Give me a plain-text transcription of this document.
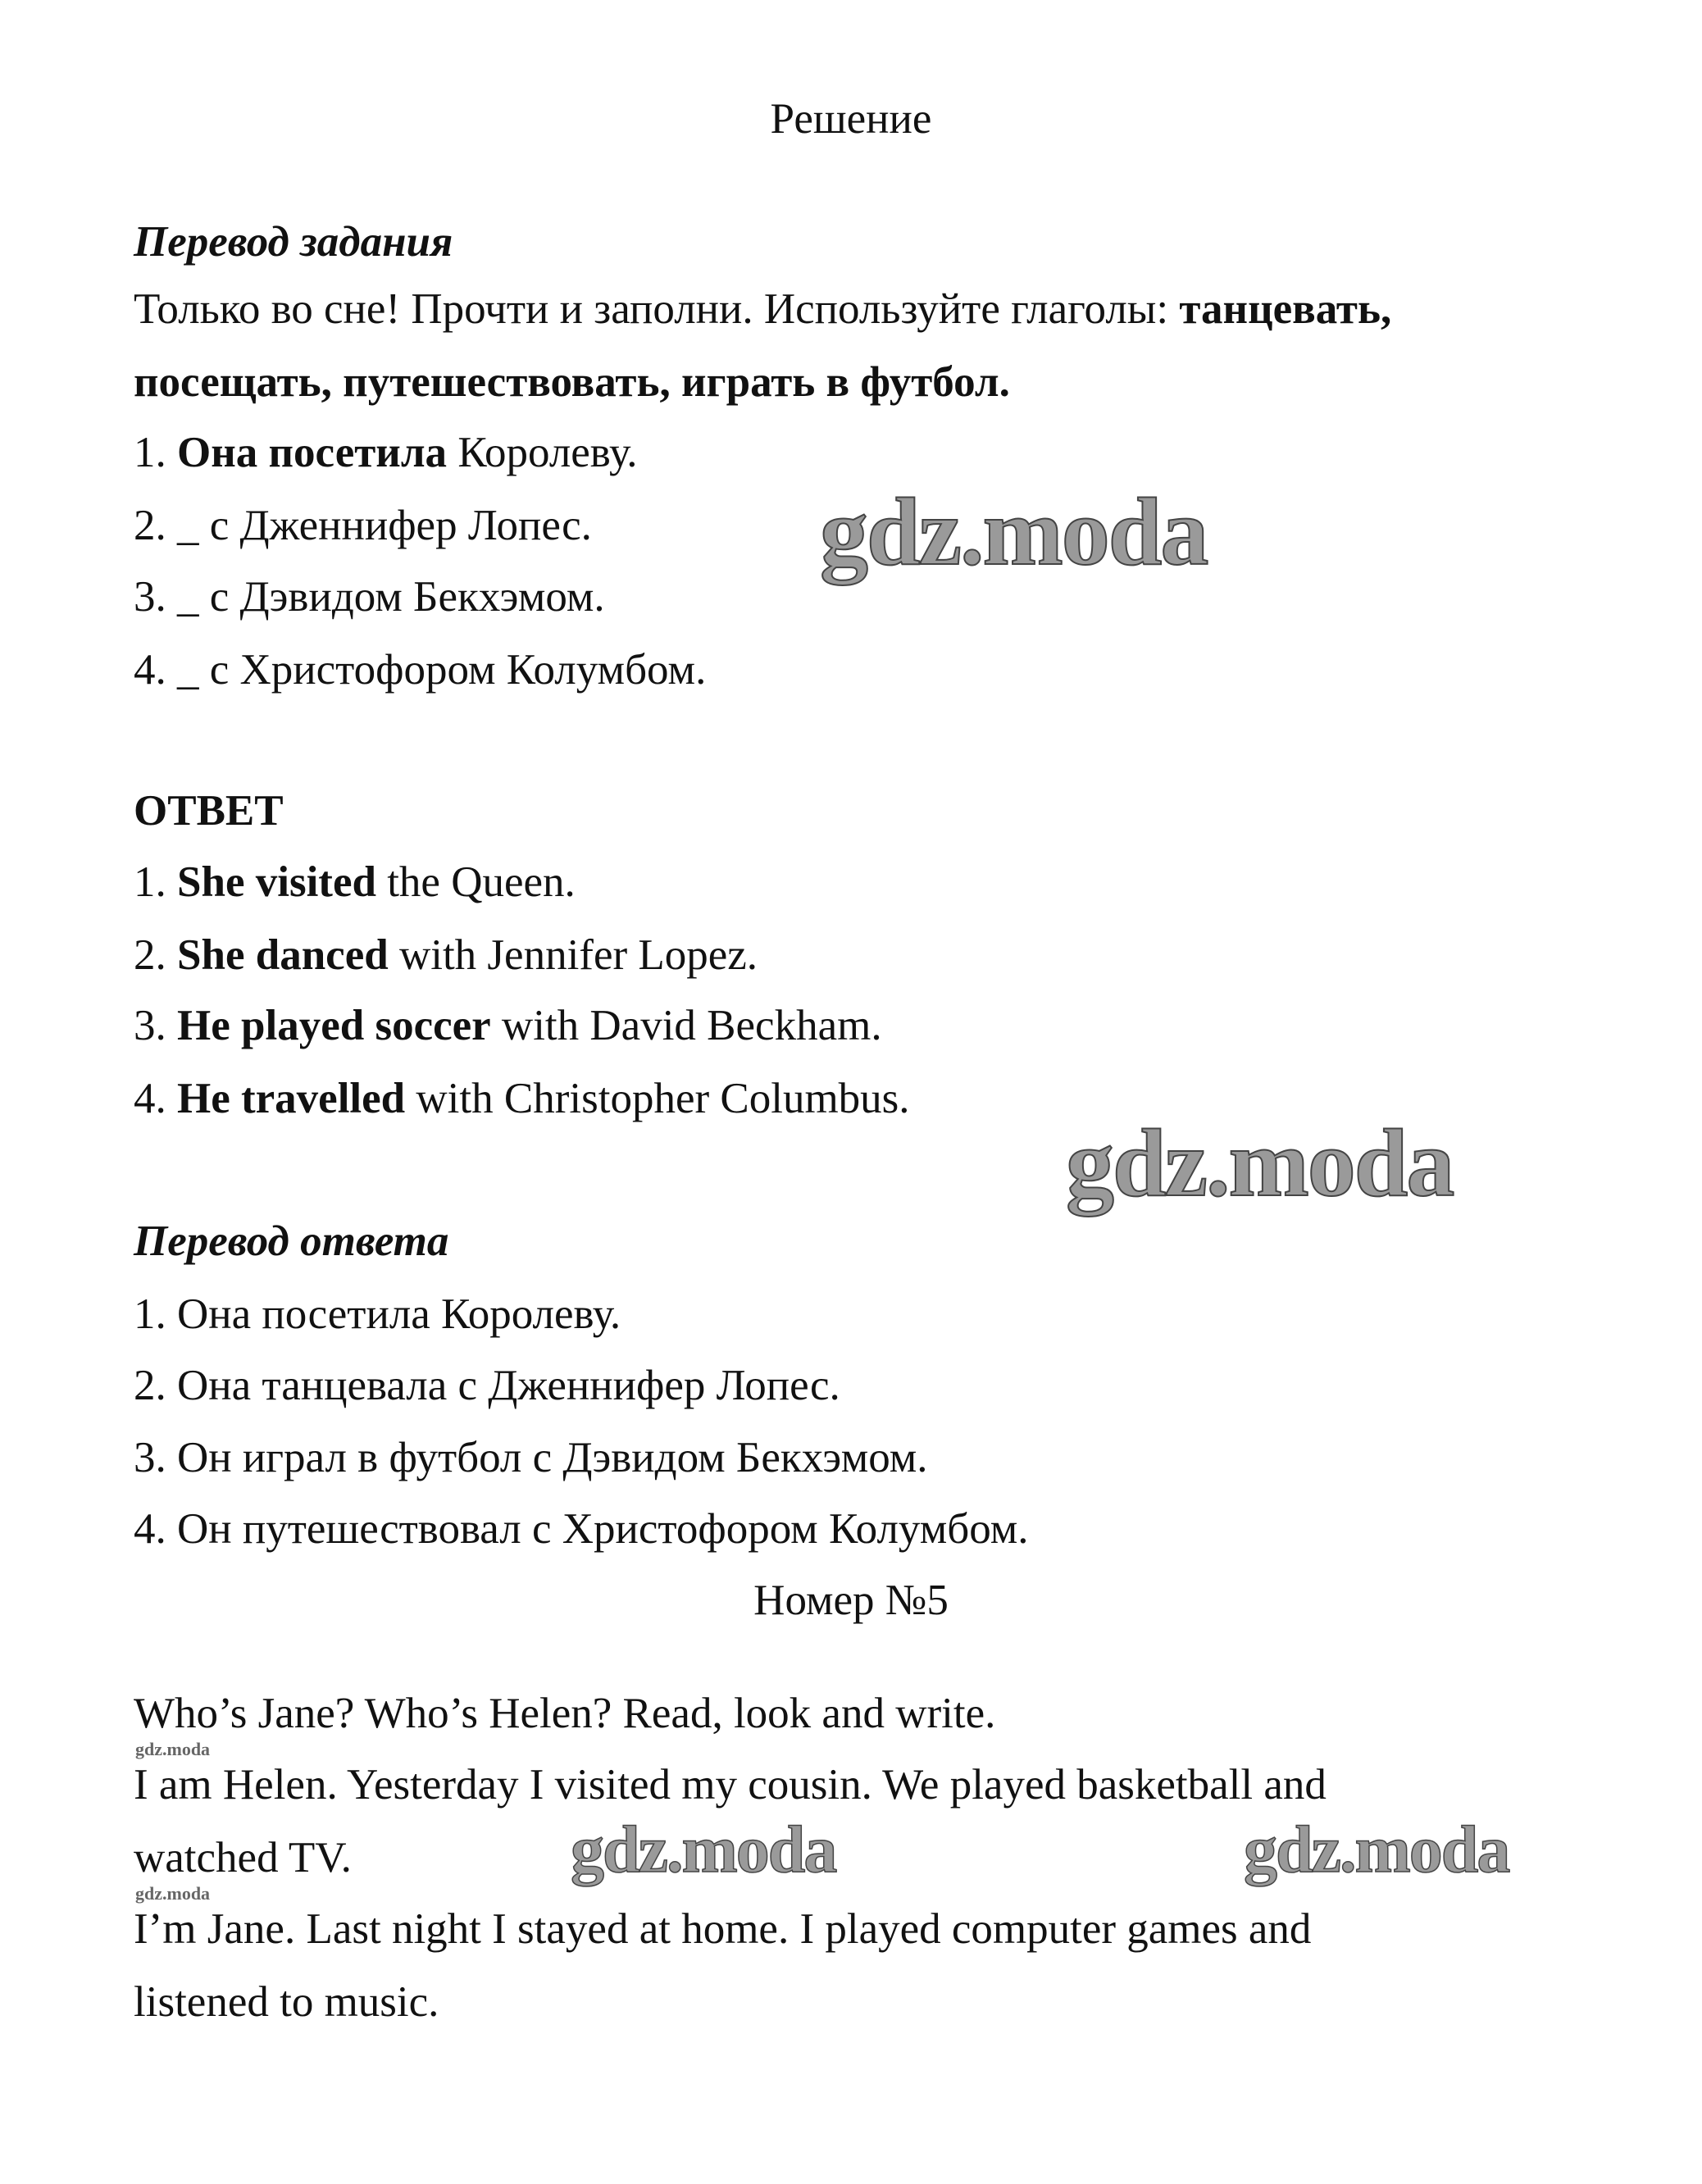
Решение
Перевод задания
Только во сне! Прочти и заполни. Используйте глаголы: танцевать,
посещать, путешествовать, играть в футбол.
1. Она посетила Королеву.
2. _ с Дженнифер Лопес.
3. _ с Дэвидом Бекхэмом.
4. _ с Христофором Колумбом.
ОТВЕТ
1. She visited the Queen.
2. She danced with Jennifer Lopez.
3. He played soccer with David Beckham.
4. He travelled with Christopher Columbus.
Перевод ответа
1. Она посетила Королеву.
2. Она танцевала с Дженнифер Лопес.
3. Он играл в футбол с Дэвидом Бекхэмом.
4. Он путешествовал с Христофором Колумбом.
Номер №5
Who’s Jane? Who’s Helen? Read, look and write.
I am Helen. Yesterday I visited my cousin. We played basketball and
watched TV.
I’m Jane. Last night I stayed at home. I played computer games and
listened to music.
gdz.moda
gdz.moda
gdz.moda	gdz.moda
gdz.moda
gdz.moda
